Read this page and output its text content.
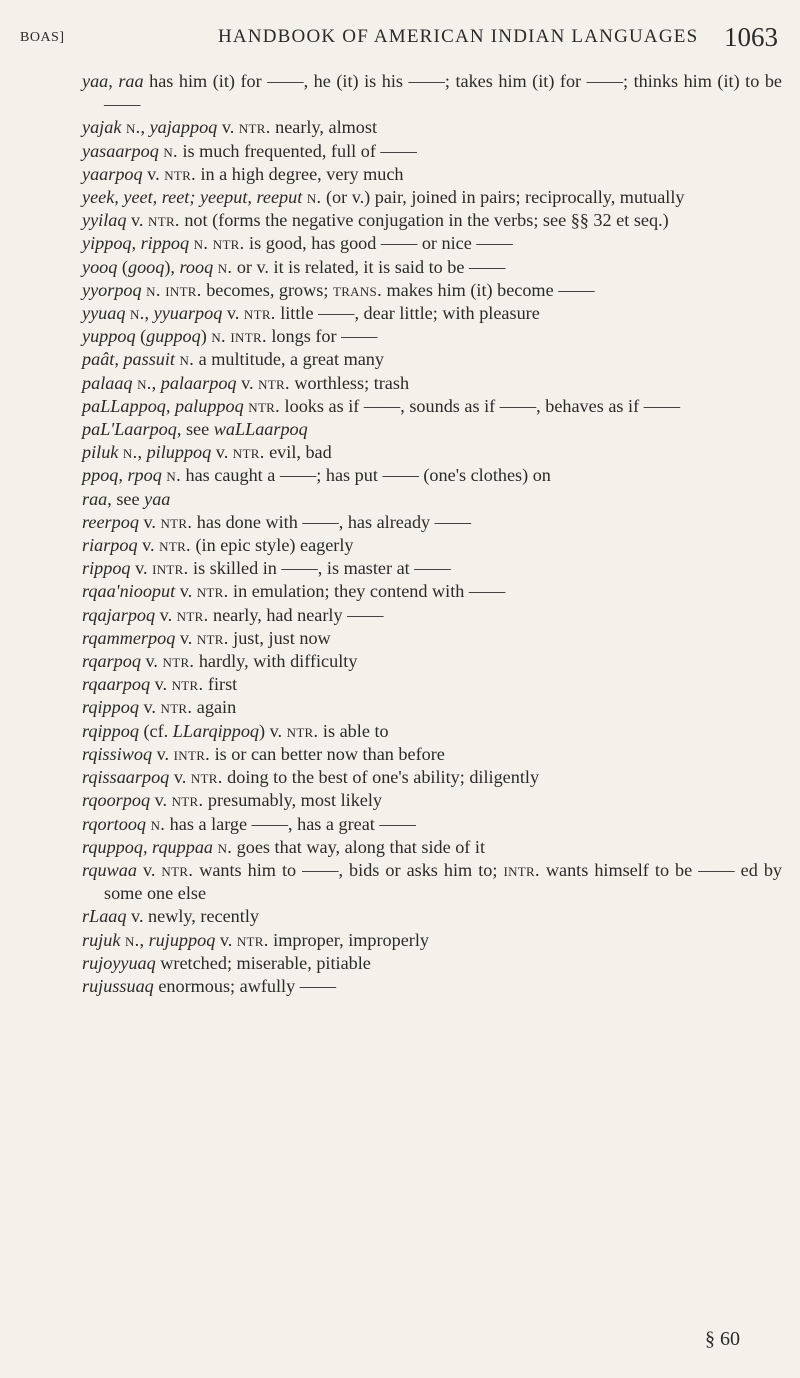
BOAS]	HANDBOOK OF AMERICAN INDIAN LANGUAGES 1063
yaa, raa has him (it) for ——, he (it) is his ——; takes him (it) for ——; thinks him (it) to be ——
yajak n., yajappoq v. ntr. nearly, almost
yasaarpoq n. is much frequented, full of ——
yaarpoq v. ntr. in a high degree, very much
yeek, yeet, reet; yeeput, reeput n. (or v.) pair, joined in pairs; reciprocally, mutually
yyilaq v. ntr. not (forms the negative conjugation in the verbs; see §§ 32 et seq.)
yippoq, rippoq n. ntr. is good, has good —— or nice ——
yooq (gooq), rooq n. or v. it is related, it is said to be ——
yyorpoq n. intr. becomes, grows; trans. makes him (it) become ——
yyuaq n., yyuarpoq v. ntr. little ——, dear little; with pleasure
yuppoq (guppoq) n. intr. longs for ——
paât, passuit n. a multitude, a great many
palaaq n., palaarpoq v. ntr. worthless; trash
paLLappoq, paluppoq ntr. looks as if ——, sounds as if ——, behaves as if ——
paL'Laarpoq, see waLLaarpoq
piluk n., piluppoq v. ntr. evil, bad
ppoq, rpoq n. has caught a ——; has put —— (one's clothes) on
raa, see yaa
reerpoq v. ntr. has done with ——, has already ——
riarpoq v. ntr. (in epic style) eagerly
rippoq v. intr. is skilled in ——, is master at ——
rqaa'niooput v. ntr. in emulation; they contend with ——
rqajarpoq v. ntr. nearly, had nearly ——
rqammerpoq v. ntr. just, just now
rqarpoq v. ntr. hardly, with difficulty
rqaarpoq v. ntr. first
rqippoq v. ntr. again
rqippoq (cf. LLarqippoq) v. ntr. is able to
rqissiwoq v. intr. is or can better now than before
rqissaarpoq v. ntr. doing to the best of one's ability; diligently
rqoorpoq v. ntr. presumably, most likely
rqortooq n. has a large ——, has a great ——
rquppoq, rquppaa n. goes that way, along that side of it
rquwaa v. ntr. wants him to ——, bids or asks him to; intr. wants himself to be —— ed by some one else
rLaaq v. newly, recently
rujuk n., rujuppoq v. ntr. improper, improperly
rujoyyuaq wretched; miserable, pitiable
rujussuaq enormous; awfully ——
§ 60
